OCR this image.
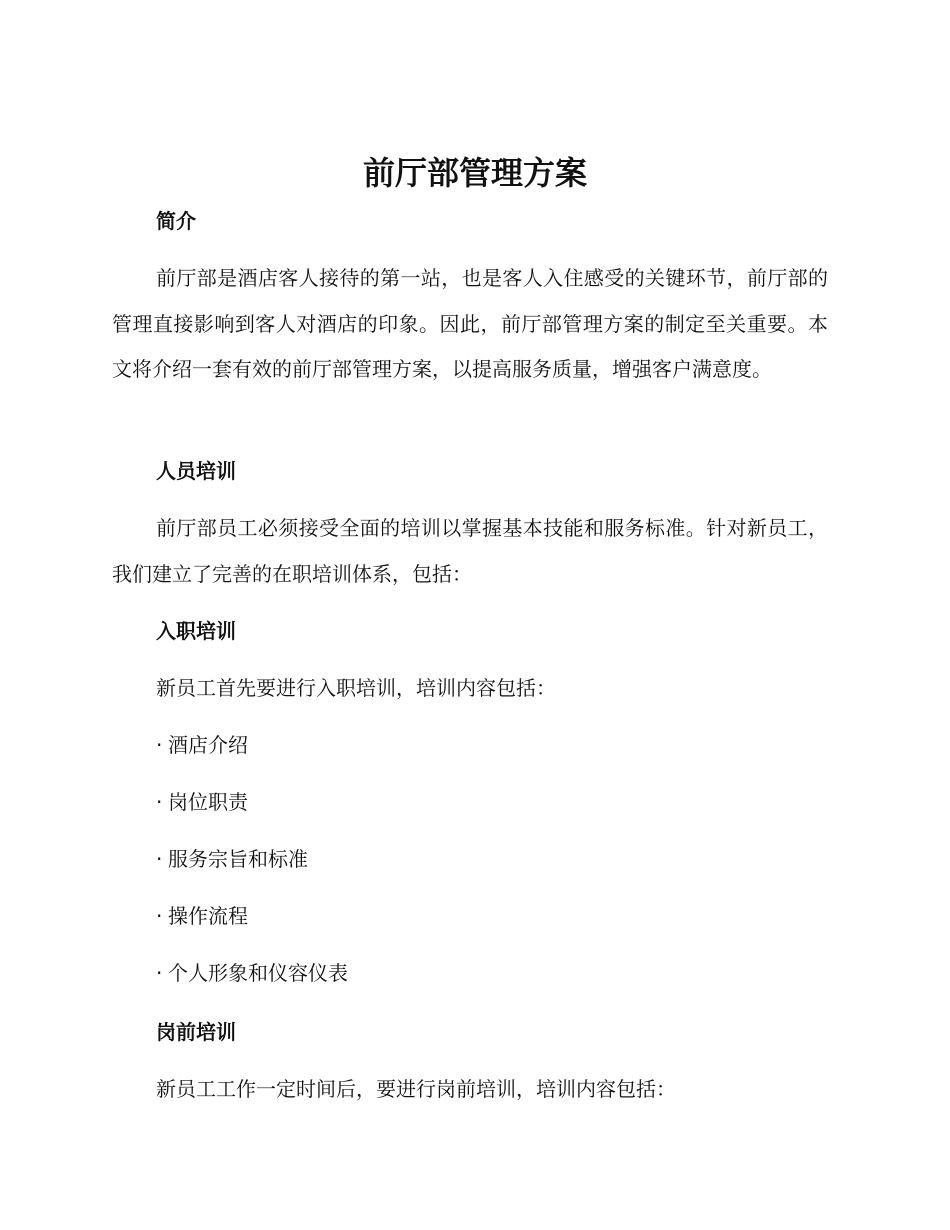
前厅部管理方案
简介

前厅部是酒店客人接待的第一站，也是客人入住感受的关键环节，前厅部的管理直接影响到客人对酒店的印象。因此，前厅部管理方案的制定至关重要。本文将介绍一套有效的前厅部管理方案，以提高服务质量，增强客户满意度。

人员培训

前厅部员工必须接受全面的培训以掌握基本技能和服务标准。针对新员工，我们建立了完善的在职培训体系，包括：

入职培训

新员工首先要进行入职培训，培训内容包括：

· 酒店介绍

· 岗位职责

· 服务宗旨和标准

· 操作流程

· 个人形象和仪容仪表

岗前培训

新员工工作一定时间后，要进行岗前培训，培训内容包括：
